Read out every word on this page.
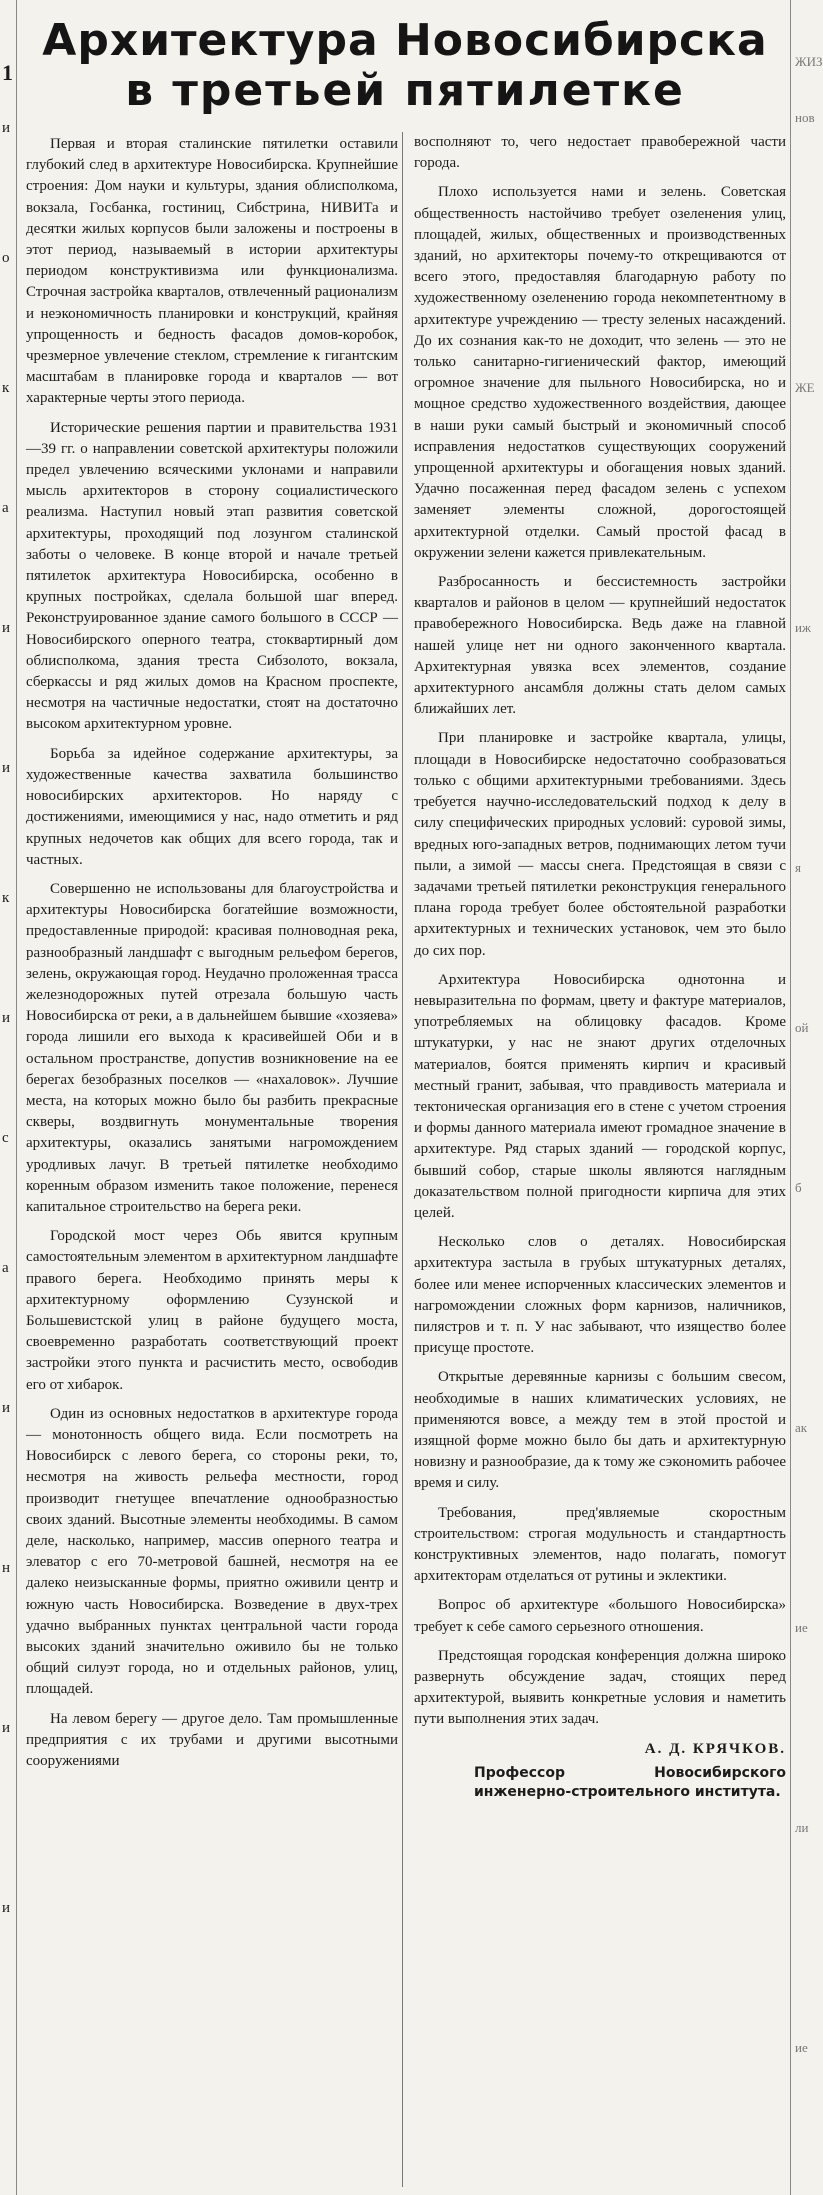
1
и
о
к
а
и
и
к
и
с
а
и
н
и
и
ЖИЗ
нов
ЖЕ
иж
я
ой
б
ак
ие
ли
ие
Архитектура Новосибирска
в третьей пятилетке

Первая и вторая сталинские пятилетки оставили глубокий след в архитектуре Новосибирска. Крупнейшие строения: Дом науки и культуры, здания облисполкома, вокзала, Госбанка, гостиниц, Сибстрина, НИВИТа и десятки жилых корпусов были заложены и построены в этот период, называемый в истории архитектуры периодом конструктивизма или функционализма. Строчная застройка кварталов, отвлеченный рационализм и неэкономичность планировки и конструкций, крайняя упрощенность и бедность фасадов домов-коробок, чрезмерное увлечение стеклом, стремление к гигантским масштабам в планировке города и кварталов — вот характерные черты этого периода.

Исторические решения партии и правительства 1931—39 гг. о направлении советской архитектуры положили предел увлечению всяческими уклонами и направили мысль архитекторов в сторону социалистического реализма. Наступил новый этап развития советской архитектуры, проходящий под лозунгом сталинской заботы о человеке. В конце второй и начале третьей пятилеток архитектура Новосибирска, особенно в крупных постройках, сделала большой шаг вперед. Реконструированное здание самого большого в СССР — Новосибирского оперного театра, стоквартирный дом облисполкома, здания треста Сибзолото, вокзала, сберкассы и ряд жилых домов на Красном проспекте, несмотря на частичные недостатки, стоят на достаточно высоком архитектурном уровне.

Борьба за идейное содержание архитектуры, за художественные качества захватила большинство новосибирских архитекторов. Но наряду с достижениями, имеющимися у нас, надо отметить и ряд крупных недочетов как общих для всего города, так и частных.

Совершенно не использованы для благоустройства и архитектуры Новосибирска богатейшие возможности, предоставленные природой: красивая полноводная река, разнообразный ландшафт с выгодным рельефом берегов, зелень, окружающая город. Неудачно проложенная трасса железнодорожных путей отрезала большую часть Новосибирска от реки, а в дальнейшем бывшие «хозяева» города лишили его выхода к красивейшей Оби и в остальном пространстве, допустив возникновение на ее берегах безобразных поселков — «нахаловок». Лучшие места, на которых можно было бы разбить прекрасные скверы, воздвигнуть монументальные творения архитектуры, оказались занятыми нагромождением уродливых лачуг. В третьей пятилетке необходимо коренным образом изменить такое положение, перенеся капитальное строительство на берега реки.

Городской мост через Обь явится крупным самостоятельным элементом в архитектурном ландшафте правого берега. Необходимо принять меры к архитектурному оформлению Сузунской и Большевистской улиц в районе будущего моста, своевременно разработать соответствующий проект застройки этого пункта и расчистить место, освободив его от хибарок.

Один из основных недостатков в архитектуре города — монотонность общего вида. Если посмотреть на Новосибирск с левого берега, со стороны реки, то, несмотря на живость рельефа местности, город производит гнетущее впечатление однообразностью своих зданий. Высотные элементы необходимы. В самом деле, насколько, например, массив оперного театра и элеватор с его 70-метровой башней, несмотря на ее далеко неизысканные формы, приятно оживили центр и южную часть Новосибирска. Возведение в двух-трех удачно выбранных пунктах центральной части города высоких зданий значительно оживило бы не только общий силуэт города, но и отдельных районов, улиц, площадей.

На левом берегу — другое дело. Там промышленные предприятия с их трубами и другими высотными сооружениями

восполняют то, чего недостает правобережной части города.

Плохо используется нами и зелень. Советская общественность настойчиво требует озеленения улиц, площадей, жилых, общественных и производственных зданий, но архитекторы почему-то открещиваются от всего этого, предоставляя благодарную работу по художественному озеленению города некомпетентному в архитектуре учреждению — тресту зеленых насаждений. До их сознания как-то не доходит, что зелень — это не только санитарно-гигиенический фактор, имеющий огромное значение для пыльного Новосибирска, но и мощное средство художественного воздействия, дающее в наши руки самый быстрый и экономичный способ исправления недостатков существующих сооружений упрощенной архитектуры и обогащения новых зданий. Удачно посаженная перед фасадом зелень с успехом заменяет элементы сложной, дорогостоящей архитектурной отделки. Самый простой фасад в окружении зелени кажется привлекательным.

Разбросанность и бессистемность застройки кварталов и районов в целом — крупнейший недостаток правобережного Новосибирска. Ведь даже на главной нашей улице нет ни одного законченного квартала. Архитектурная увязка всех элементов, создание архитектурного ансамбля должны стать делом самых ближайших лет.

При планировке и застройке квартала, улицы, площади в Новосибирске недостаточно сообразоваться только с общими архитектурными требованиями. Здесь требуется научно-исследовательский подход к делу в силу специфических природных условий: суровой зимы, вредных юго-западных ветров, поднимающих летом тучи пыли, а зимой — массы снега. Предстоящая в связи с задачами третьей пятилетки реконструкция генерального плана города требует более обстоятельной разработки архитектурных и технических установок, чем это было до сих пор.

Архитектура Новосибирска однотонна и невыразительна по формам, цвету и фактуре материалов, употребляемых на облицовку фасадов. Кроме штукатурки, у нас не знают других отделочных материалов, боятся применять кирпич и красивый местный гранит, забывая, что правдивость материала и тектоническая организация его в стене с учетом строения и формы данного материала имеют громадное значение в архитектуре. Ряд старых зданий — городской корпус, бывший собор, старые школы являются наглядным доказательством полной пригодности кирпича для этих целей.

Несколько слов о деталях. Новосибирская архитектура застыла в грубых штукатурных деталях, более или менее испорченных классических элементов и нагромождении сложных форм карнизов, наличников, пилястров и т. п. У нас забывают, что изящество более присуще простоте.

Открытые деревянные карнизы с большим свесом, необходимые в наших климатических условиях, не применяются вовсе, а между тем в этой простой и изящной форме можно было бы дать и архитектурную новизну и разнообразие, да к тому же сэкономить рабочее время и силу.

Требования, пред'являемые скоростным строительством: строгая модульность и стандартность конструктивных элементов, надо полагать, помогут архитекторам отделаться от рутины и эклектики.

Вопрос об архитектуре «большого Новосибирска» требует к себе самого серьезного отношения.

Предстоящая городская конференция должна широко развернуть обсуждение задач, стоящих перед архитектурой, выявить конкретные условия и наметить пути выполнения этих задач.

А. Д. КРЯЧКОВ.
Профессор Новосибирского инженерно-строительного института.
